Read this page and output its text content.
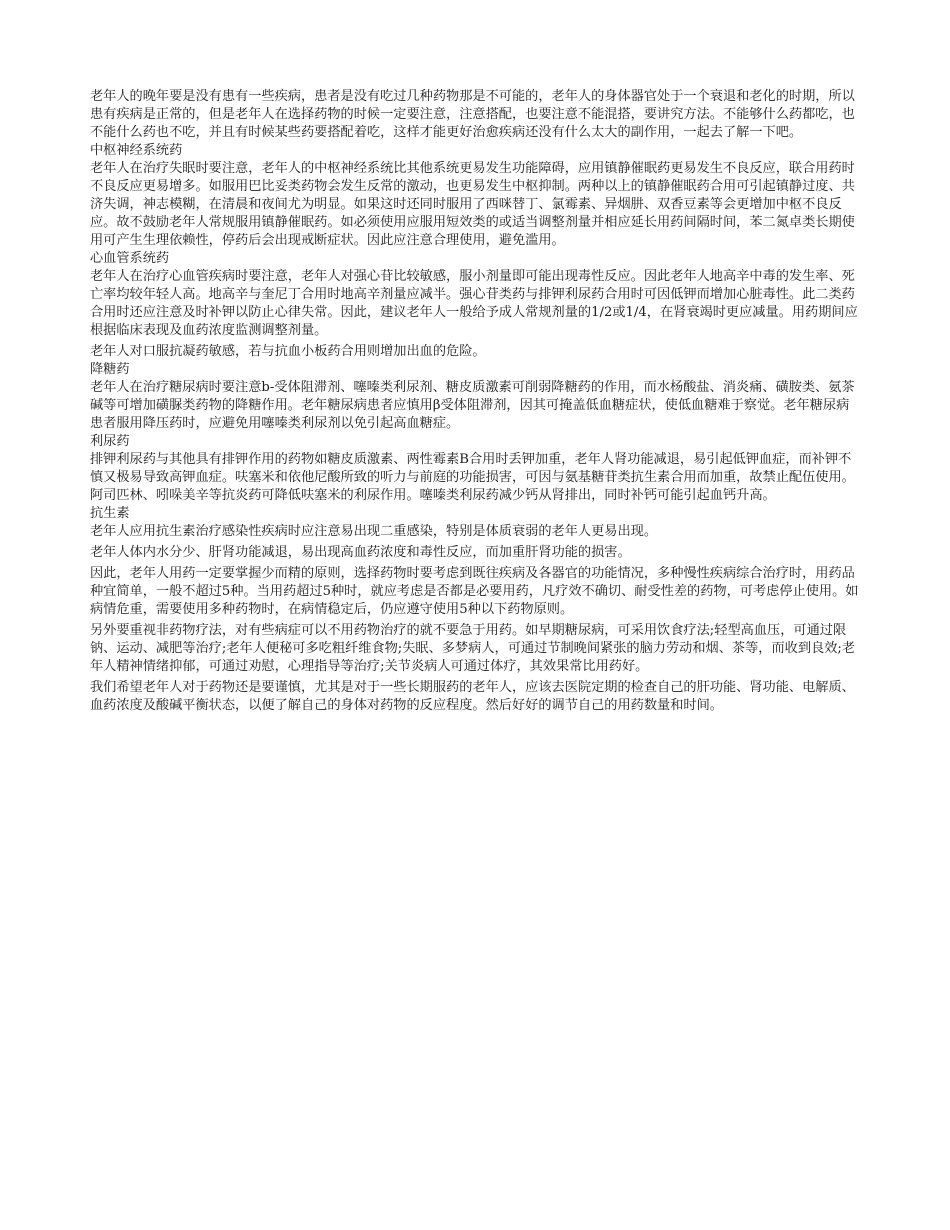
老年人的晚年要是没有患有一些疾病，患者是没有吃过几种药物那是不可能的，老年人的身体器官处于一个衰退和老化的时期，所以患有疾病是正常的，但是老年人在选择药物的时候一定要注意，注意搭配，也要注意不能混搭，要讲究方法。不能够什么药都吃，也不能什么药也不吃，并且有时候某些药要搭配着吃，这样才能更好治愈疾病还没有什么太大的副作用，一起去了解一下吧。

中枢神经系统药

老年人在治疗失眠时要注意，老年人的中枢神经系统比其他系统更易发生功能障碍，应用镇静催眠药更易发生不良反应，联合用药时不良反应更易增多。如服用巴比妥类药物会发生反常的激动，也更易发生中枢抑制。两种以上的镇静催眠药合用可引起镇静过度、共济失调，神志模糊，在清晨和夜间尤为明显。如果这时还同时服用了西咪替丁、氯霉素、异烟肼、双香豆素等会更增加中枢不良反应。故不鼓励老年人常规服用镇静催眠药。如必须使用应服用短效类的或适当调整剂量并相应延长用药间隔时间，苯二氮卓类长期使用可产生生理依赖性，停药后会出现戒断症状。因此应注意合理使用，避免滥用。

心血管系统药

老年人在治疗心血管疾病时要注意，老年人对强心苷比较敏感，服小剂量即可能出现毒性反应。因此老年人地高辛中毒的发生率、死亡率均较年轻人高。地高辛与奎尼丁合用时地高辛剂量应减半。强心苷类药与排钾利尿药合用时可因低钾而增加心脏毒性。此二类药合用时还应注意及时补钾以防止心律失常。因此，建议老年人一般给予成人常规剂量的1/2或1/4，在肾衰竭时更应减量。用药期间应根据临床表现及血药浓度监测调整剂量。

老年人对口服抗凝药敏感，若与抗血小板药合用则增加出血的危险。

降糖药

老年人在治疗糖尿病时要注意b-受体阻滞剂、噻嗪类利尿剂、糖皮质激素可削弱降糖药的作用，而水杨酸盐、消炎痛、磺胺类、氨茶碱等可增加磺脲类药物的降糖作用。老年糖尿病患者应慎用β受体阻滞剂，因其可掩盖低血糖症状，使低血糖难于察觉。老年糖尿病患者服用降压药时，应避免用噻嗪类利尿剂以免引起高血糖症。

利尿药

排钾利尿药与其他具有排钾作用的药物如糖皮质激素、两性霉素B合用时丢钾加重，老年人肾功能减退，易引起低钾血症，而补钾不慎又极易导致高钾血症。呋塞米和依他尼酸所致的听力与前庭的功能损害，可因与氨基糖苷类抗生素合用而加重，故禁止配伍使用。阿司匹林、吲哚美辛等抗炎药可降低呋塞米的利尿作用。噻嗪类利尿药减少钙从肾排出，同时补钙可能引起血钙升高。

抗生素

老年人应用抗生素治疗感染性疾病时应注意易出现二重感染，特别是体质衰弱的老年人更易出现。

老年人体内水分少、肝肾功能减退，易出现高血药浓度和毒性反应，而加重肝肾功能的损害。

因此，老年人用药一定要掌握少而精的原则，选择药物时要考虑到既往疾病及各器官的功能情况，多种慢性疾病综合治疗时，用药品种宜简单，一般不超过5种。当用药超过5种时，就应考虑是否都是必要用药，凡疗效不确切、耐受性差的药物，可考虑停止使用。如病情危重，需要使用多种药物时，在病情稳定后，仍应遵守使用5种以下药物原则。

另外要重视非药物疗法，对有些病症可以不用药物治疗的就不要急于用药。如早期糖尿病，可采用饮食疗法;轻型高血压，可通过限钠、运动、减肥等治疗;老年人便秘可多吃粗纤维食物;失眠、多梦病人，可通过节制晚间紧张的脑力劳动和烟、茶等，而收到良效;老年人精神情绪抑郁，可通过劝慰，心理指导等治疗;关节炎病人可通过体疗，其效果常比用药好。

我们希望老年人对于药物还是要谨慎，尤其是对于一些长期服药的老年人，应该去医院定期的检查自己的肝功能、肾功能、电解质、血药浓度及酸碱平衡状态，以便了解自己的身体对药物的反应程度。然后好好的调节自己的用药数量和时间。
